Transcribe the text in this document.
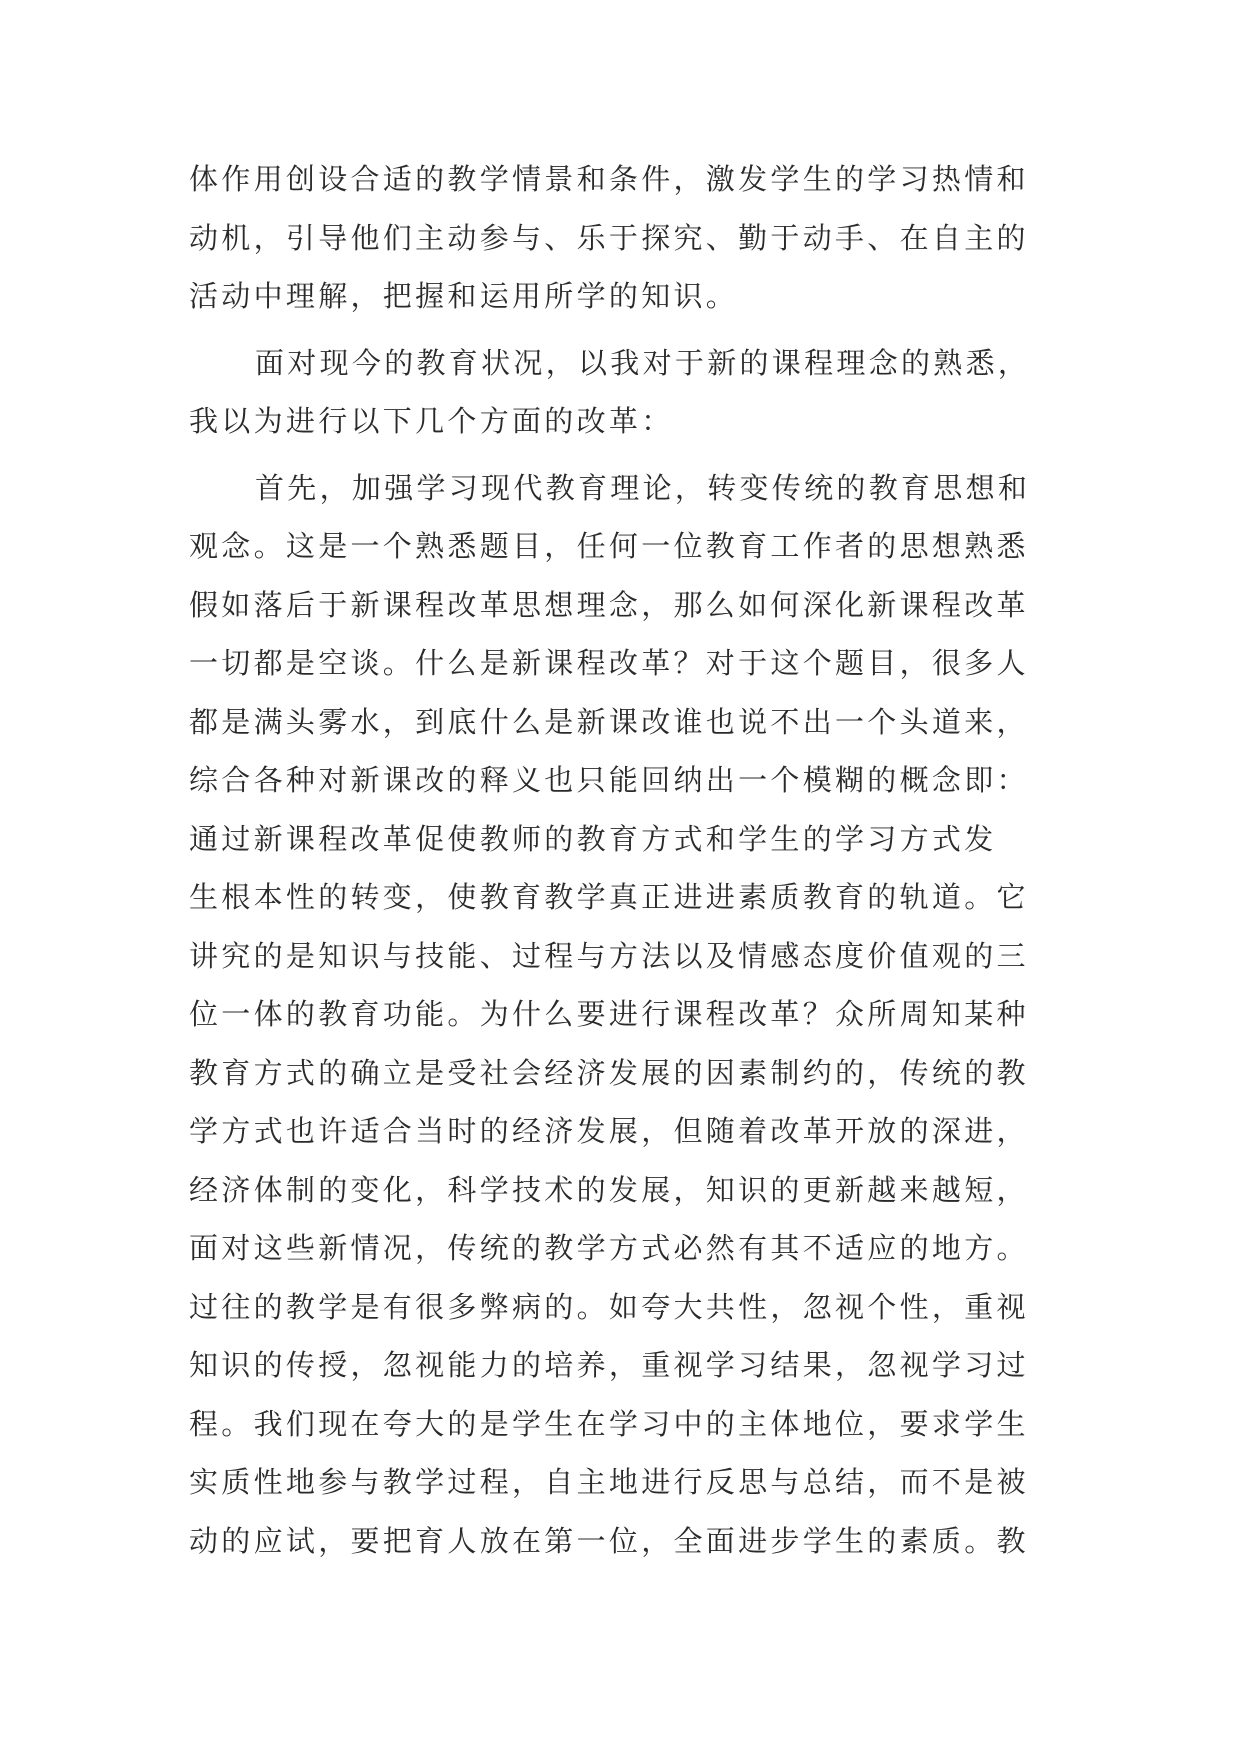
体作用创设合适的教学情景和条件，激发学生的学习热情和
动机，引导他们主动参与、乐于探究、勤于动手、在自主的
活动中理解，把握和运用所学的知识。

面对现今的教育状况，以我对于新的课程理念的熟悉，
我以为进行以下几个方面的改革：

首先，加强学习现代教育理论，转变传统的教育思想和
观念。这是一个熟悉题目，任何一位教育工作者的思想熟悉
假如落后于新课程改革思想理念，那么如何深化新课程改革
一切都是空谈。什么是新课程改革？对于这个题目，很多人
都是满头雾水，到底什么是新课改谁也说不出一个头道来，
综合各种对新课改的释义也只能回纳出一个模糊的概念即：
通过新课程改革促使教师的教育方式和学生的学习方式发
生根本性的转变，使教育教学真正进进素质教育的轨道。它
讲究的是知识与技能、过程与方法以及情感态度价值观的三
位一体的教育功能。为什么要进行课程改革？众所周知某种
教育方式的确立是受社会经济发展的因素制约的，传统的教
学方式也许适合当时的经济发展，但随着改革开放的深进，
经济体制的变化，科学技术的发展，知识的更新越来越短，
面对这些新情况，传统的教学方式必然有其不适应的地方。
过往的教学是有很多弊病的。如夸大共性，忽视个性，重视
知识的传授，忽视能力的培养，重视学习结果，忽视学习过
程。我们现在夸大的是学生在学习中的主体地位，要求学生
实质性地参与教学过程，自主地进行反思与总结，而不是被
动的应试，要把育人放在第一位，全面进步学生的素质。教
